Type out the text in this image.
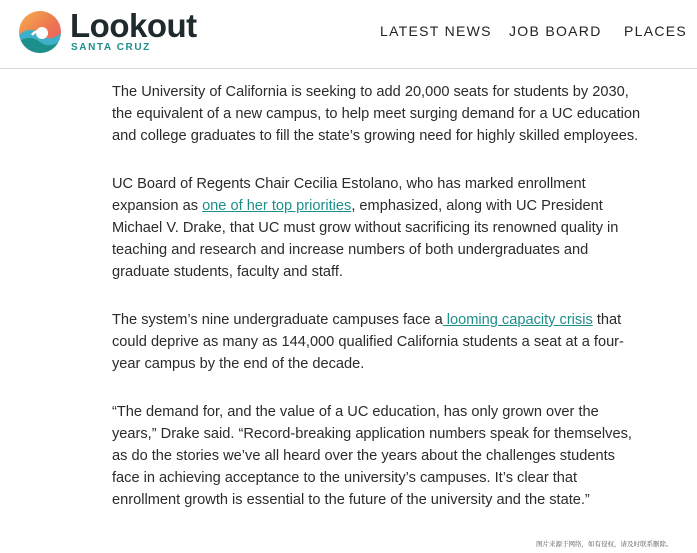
Lookout
SANTA CRUZ
LATEST NEWS JOB BOARD PLACES

The University of California is seeking to add 20,000 seats for students by 2030, the equivalent of a new campus, to help meet surging demand for a UC education and college graduates to fill the state’s growing need for highly skilled employees.

UC Board of Regents Chair Cecilia Estolano, who has marked enrollment expansion as one of her top priorities, emphasized, along with UC President Michael V. Drake, that UC must grow without sacrificing its renowned quality in teaching and research and increase numbers of both undergraduates and graduate students, faculty and staff.

The system’s nine undergraduate campuses face a looming capacity crisis that could deprive as many as 144,000 qualified California students a seat at a four-year campus by the end of the decade.

“The demand for, and the value of a UC education, has only grown over the years,” Drake said. “Record-breaking application numbers speak for themselves, as do the stories we’ve all heard over the years about the challenges students face in achieving acceptance to the university’s campuses. It’s clear that enrollment growth is essential to the future of the university and the state.”

图片来源于网络，如有侵权，请及时联系删除。
